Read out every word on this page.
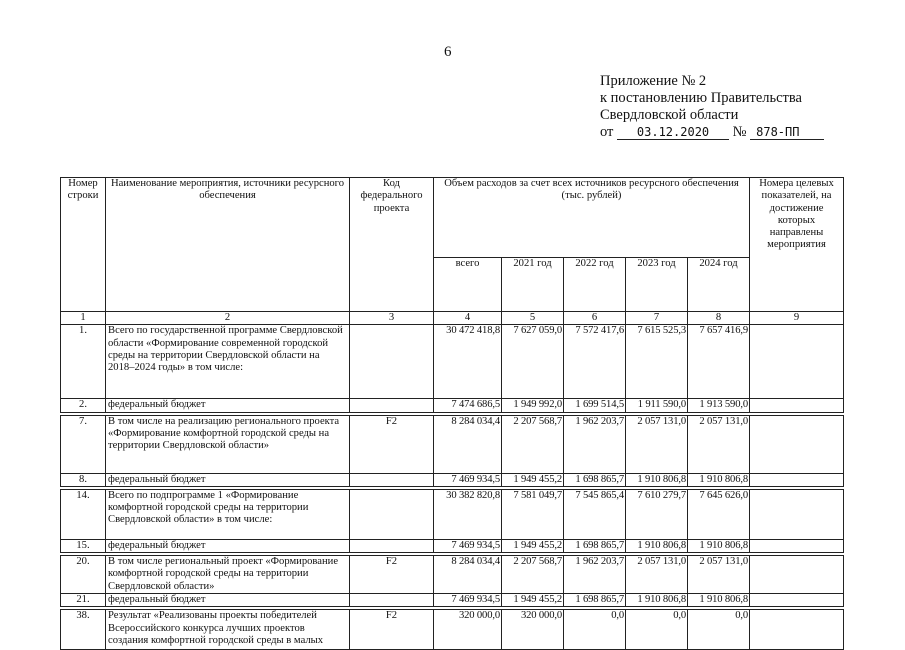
6
Приложение № 2
к постановлению Правительства
Свердловской области
от 03.12.2020 № 878-ПП
Номер строки	Наименование мероприятия, источники ресурсного обеспечения	Код федерального проекта	Объем расходов за счет всех источников ресурсного обеспечения (тыс. рублей)					Номера целевых показателей, на достижение которых направлены мероприятия
			всего	2021 год	2022 год	2023 год	2024 год	
1	2	3	4	5	6	7	8	9
1.	Всего по государственной программе Свердловской области «Формирование современной городской среды на территории Свердловской области на 2018–2024 годы» в том числе:		30 472 418,8	7 627 059,0	7 572 417,6	7 615 525,3	7 657 416,9	
2.	федеральный бюджет		7 474 686,5	1 949 992,0	1 699 514,5	1 911 590,0	1 913 590,0	

7.	В том числе на реализацию регионального проекта «Формирование комфортной городской среды на территории Свердловской области»	F2	8 284 034,4	2 207 568,7	1 962 203,7	2 057 131,0	2 057 131,0	
8.	федеральный бюджет		7 469 934,5	1 949 455,2	1 698 865,7	1 910 806,8	1 910 806,8	

14.	Всего по подпрограмме 1 «Формирование комфортной городской среды на территории Свердловской области» в том числе:		30 382 820,8	7 581 049,7	7 545 865,4	7 610 279,7	7 645 626,0	
15.	федеральный бюджет		7 469 934,5	1 949 455,2	1 698 865,7	1 910 806,8	1 910 806,8	

20.	В том числе региональный проект «Формирование комфортной городской среды на территории Свердловской области»	F2	8 284 034,4	2 207 568,7	1 962 203,7	2 057 131,0	2 057 131,0	
21.	федеральный бюджет		7 469 934,5	1 949 455,2	1 698 865,7	1 910 806,8	1 910 806,8	

38.	Результат «Реализованы проекты победителей Всероссийского конкурса лучших проектов создания комфортной городской среды в малых	F2	320 000,0	320 000,0	0,0	0,0	0,0	
